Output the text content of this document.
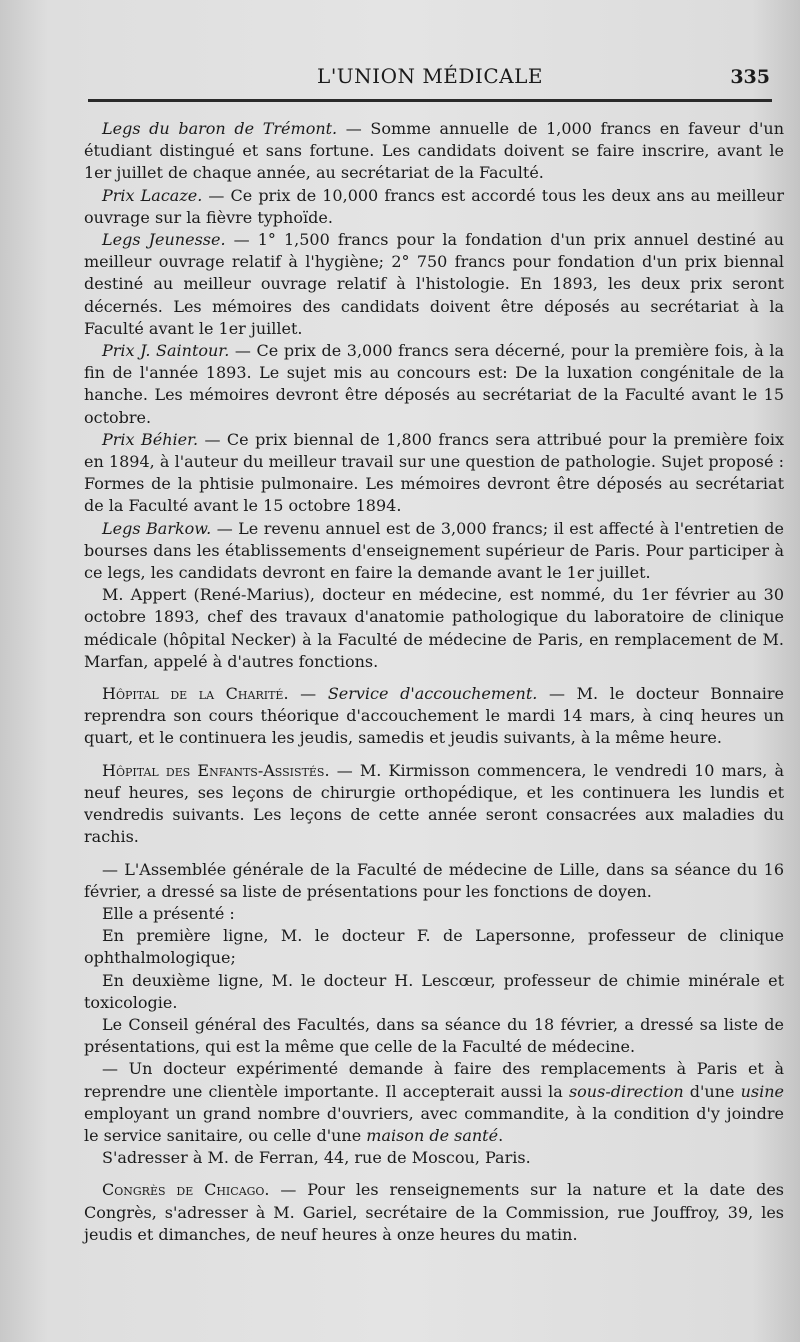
L'UNION MÉDICALE	335

Legs du baron de Trémont. — Somme annuelle de 1,000 francs en faveur d'un étudiant distingué et sans fortune. Les candidats doivent se faire inscrire, avant le 1er juillet de chaque année, au secrétariat de la Faculté.

Prix Lacaze. — Ce prix de 10,000 francs est accordé tous les deux ans au meilleur ouvrage sur la fièvre typhoïde.

Legs Jeunesse. — 1° 1,500 francs pour la fondation d'un prix annuel destiné au meilleur ouvrage relatif à l'hygiène; 2° 750 francs pour fondation d'un prix biennal destiné au meilleur ouvrage relatif à l'histologie. En 1893, les deux prix seront décernés. Les mémoires des candidats doivent être déposés au secrétariat à la Faculté avant le 1er juillet.

Prix J. Saintour. — Ce prix de 3,000 francs sera décerné, pour la première fois, à la fin de l'année 1893. Le sujet mis au concours est: De la luxation congénitale de la hanche. Les mémoires devront être déposés au secrétariat de la Faculté avant le 15 octobre.

Prix Béhier. — Ce prix biennal de 1,800 francs sera attribué pour la première foix en 1894, à l'auteur du meilleur travail sur une question de pathologie. Sujet proposé : Formes de la phtisie pulmonaire. Les mémoires devront être déposés au secrétariat de la Faculté avant le 15 octobre 1894.

Legs Barkow. — Le revenu annuel est de 3,000 francs; il est affecté à l'entretien de bourses dans les établissements d'enseignement supérieur de Paris. Pour participer à ce legs, les candidats devront en faire la demande avant le 1er juillet.

M. Appert (René-Marius), docteur en médecine, est nommé, du 1er février au 30 octobre 1893, chef des travaux d'anatomie pathologique du laboratoire de clinique médicale (hôpital Necker) à la Faculté de médecine de Paris, en remplacement de M. Marfan, appelé à d'autres fonctions.

Hôpital de la Charité. — Service d'accouchement. — M. le docteur Bonnaire reprendra son cours théorique d'accouchement le mardi 14 mars, à cinq heures un quart, et le continuera les jeudis, samedis et jeudis suivants, à la même heure.

Hôpital des Enfants-Assistés. — M. Kirmisson commencera, le vendredi 10 mars, à neuf heures, ses leçons de chirurgie orthopédique, et les continuera les lundis et vendredis suivants. Les leçons de cette année seront consacrées aux maladies du rachis.

— L'Assemblée générale de la Faculté de médecine de Lille, dans sa séance du 16 février, a dressé sa liste de présentations pour les fonctions de doyen.

Elle a présenté :

En première ligne, M. le docteur F. de Lapersonne, professeur de clinique ophthalmologique;

En deuxième ligne, M. le docteur H. Lescœur, professeur de chimie minérale et toxicologie.

Le Conseil général des Facultés, dans sa séance du 18 février, a dressé sa liste de présentations, qui est la même que celle de la Faculté de médecine.

— Un docteur expérimenté demande à faire des remplacements à Paris et à reprendre une clientèle importante. Il accepterait aussi la sous-direction d'une usine employant un grand nombre d'ouvriers, avec commandite, à la condition d'y joindre le service sanitaire, ou celle d'une maison de santé.

S'adresser à M. de Ferran, 44, rue de Moscou, Paris.

Congrès de Chicago. — Pour les renseignements sur la nature et la date des Congrès, s'adresser à M. Gariel, secrétaire de la Commission, rue Jouffroy, 39, les jeudis et dimanches, de neuf heures à onze heures du matin.
